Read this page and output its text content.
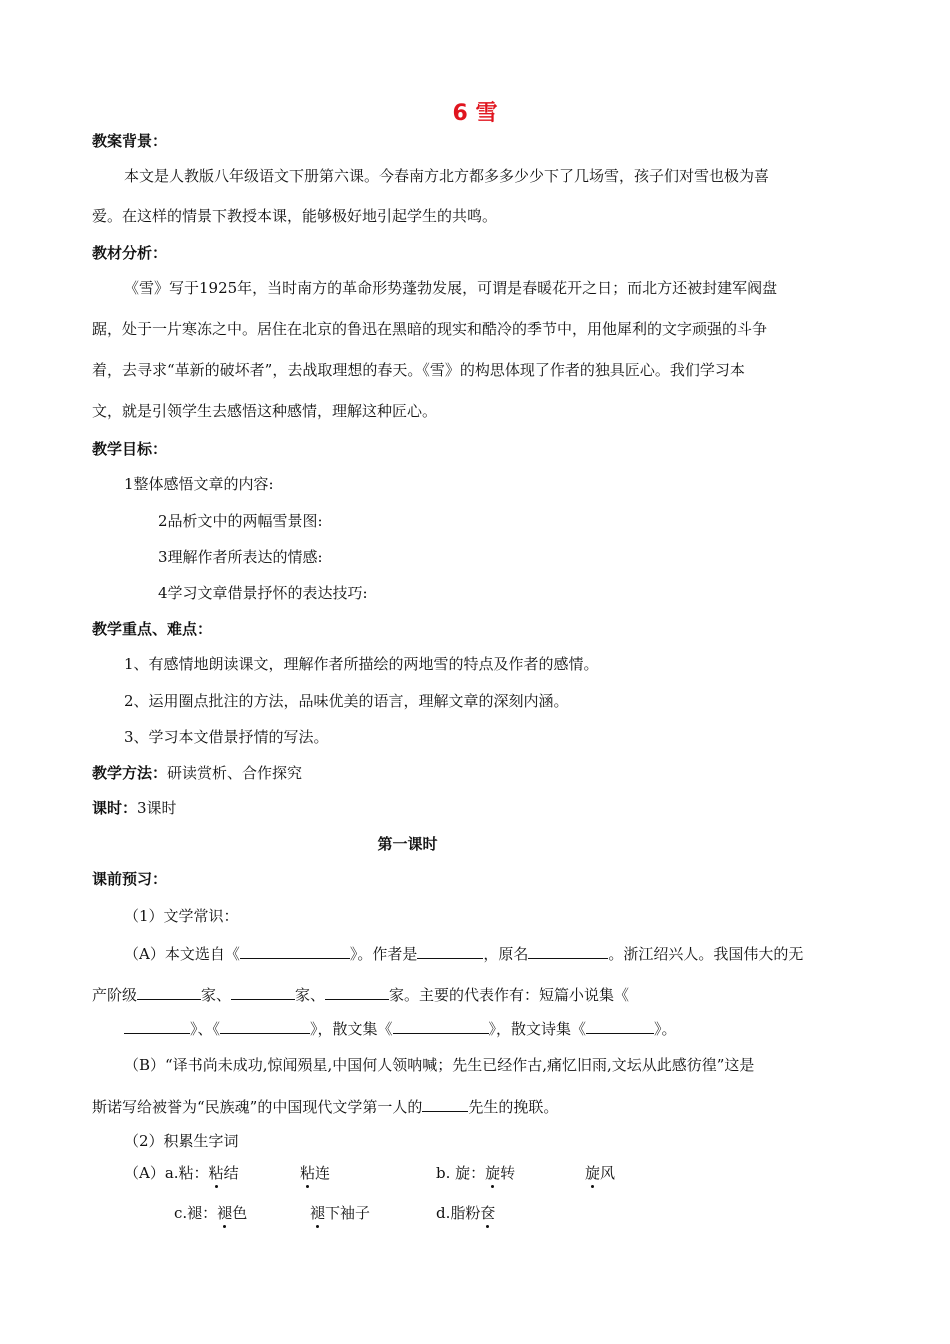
6 雪
教案背景：
本文是人教版八年级语文下册第六课。今春南方北方都多多少少下了几场雪，孩子们对雪也极为喜
爱。在这样的情景下教授本课，能够极好地引起学生的共鸣。
教材分析：
《雪》写于1925年，当时南方的革命形势蓬勃发展，可谓是春暖花开之日；而北方还被封建军阀盘
踞，处于一片寒冻之中。居住在北京的鲁迅在黑暗的现实和酷冷的季节中，用他犀利的文字顽强的斗争
着，去寻求“革新的破坏者”，去战取理想的春天。《雪》的构思体现了作者的独具匠心。我们学习本
文，就是引领学生去感悟这种感情，理解这种匠心。
教学目标：
1整体感悟文章的内容:
2品析文中的两幅雪景图:
3理解作者所表达的情感:
4学习文章借景抒怀的表达技巧:
教学重点、难点：
1、有感情地朗读课文，理解作者所描绘的两地雪的特点及作者的感情。
2、运用圈点批注的方法，品味优美的语言，理解文章的深刻内涵。
3、学习本文借景抒情的写法。
教学方法：研读赏析、合作探究
课时：3课时
第一课时
课前预习：
（1）文学常识：
（A）本文选自《	》。作者是	，原名	。浙江绍兴人。我国伟大的无
产阶级	家、	家、	家。主要的代表作有：短篇小说集《
》、《	》，散文集《	》，散文诗集《	》。
（B）“译书尚未成功,惊闻殒星,中国何人领呐喊；先生已经作古,痛忆旧雨,文坛从此感彷徨”这是
斯诺写给被誉为“民族魂”的中国现代文学第一人的	先生的挽联。
（2）积累生字词
（A）a.粘：粘结	粘连	b. 旋：旋转	旋风
c.褪：褪色	褪下袖子	d.脂粉奁
